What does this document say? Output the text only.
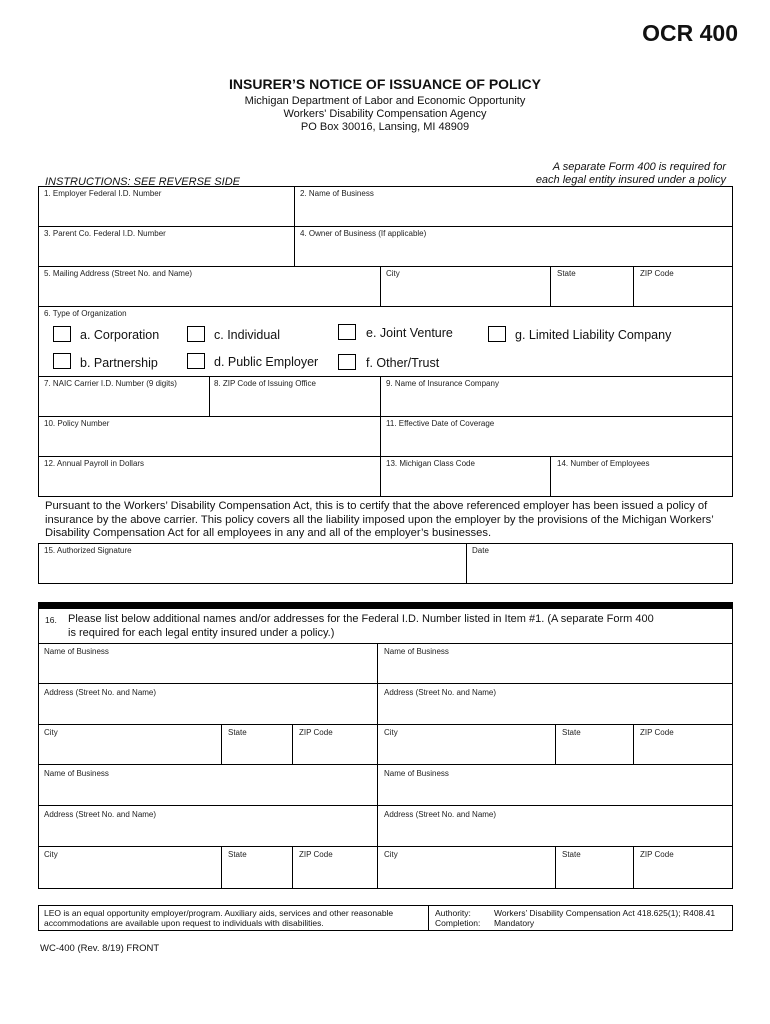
OCR 400
INSURER’S NOTICE OF ISSUANCE OF POLICY
Michigan Department of Labor and Economic Opportunity
Workers' Disability Compensation Agency
PO Box 30016, Lansing, MI 48909
A separate Form 400 is required for
each legal entity insured under a policy
INSTRUCTIONS: SEE REVERSE SIDE
1. Employer Federal I.D. Number	2. Name of Business
3. Parent Co. Federal I.D. Number	4. Owner of Business (If applicable)
5. Mailing Address (Street No. and Name)	City	State	ZIP Code
6. Type of Organization
a. Corporation	c. Individual	e. Joint Venture	g. Limited Liability Company
b. Partnership	d. Public Employer	f. Other/Trust
7. NAIC Carrier I.D. Number (9 digits)	8. ZIP Code of Issuing Office	9. Name of Insurance Company
10. Policy Number	11. Effective Date of Coverage
12. Annual Payroll in Dollars	13. Michigan Class Code	14. Number of Employees
Pursuant to the Workers’ Disability Compensation Act, this is to certify that the above referenced employer has been issued a policy of insurance by the above carrier. This policy covers all the liability imposed upon the employer by the provisions of the Michigan Workers’ Disability Compensation Act for all employees in any and all of the employer’s businesses.
15. Authorized Signature	Date
16. Please list below additional names and/or addresses for the Federal I.D. Number listed in Item #1. (A separate Form 400
is required for each legal entity insured under a policy.)
Name of Business	Name of Business
Address (Street No. and Name)	Address (Street No. and Name)
City	State	ZIP Code	City	State	ZIP Code
Name of Business	Name of Business
Address (Street No. and Name)	Address (Street No. and Name)
City	State	ZIP Code	City	State	ZIP Code
LEO is an equal opportunity employer/program. Auxiliary aids, services and other reasonable
accommodations are available upon request to individuals with disabilities.
Authority:	Workers’ Disability Compensation Act 418.625(1); R408.41
Completion: Mandatory
WC-400 (Rev. 8/19) FRONT
